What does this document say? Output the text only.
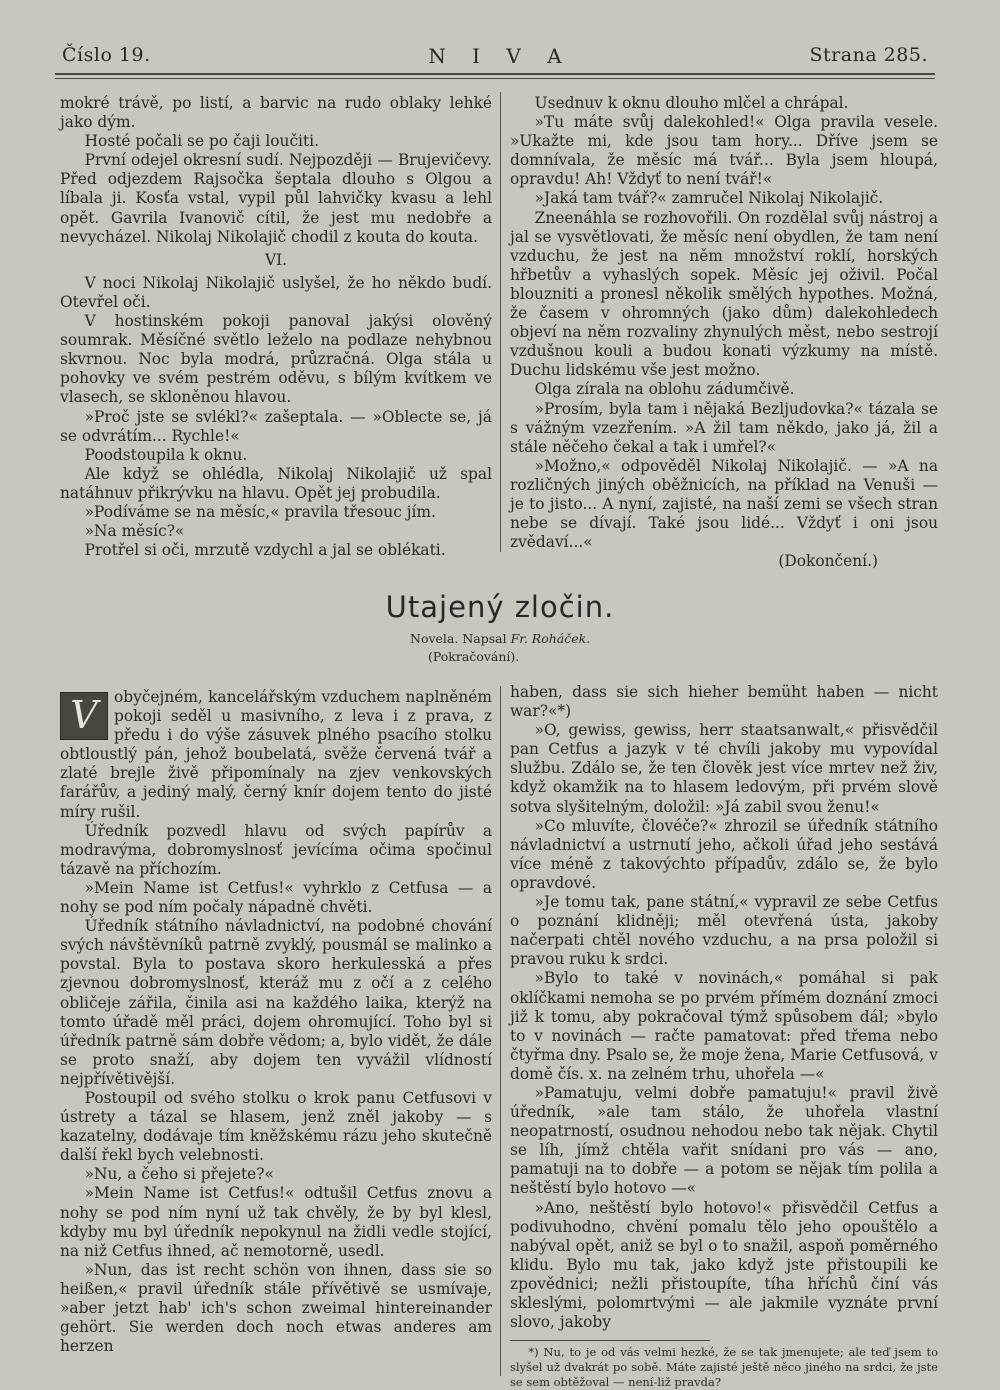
Číslo 19.	N I V A	Strana 285.

mokré trávě, po listí, a barvic na rudo oblaky lehké jako dým.

Hosté počali se po čaji loučiti.

První odejel okresní sudí. Nejpozději — Brujevičevy. Před odjezdem Rajsočka šeptala dlouho s Olgou a líbala ji. Kosťa vstal, vypil půl lahvičky kvasu a lehl opět. Gavrila Ivanovič cítil, že jest mu nedobře a nevycházel. Nikolaj Nikolajič chodil z kouta do kouta.

VI.

V noci Nikolaj Nikolajič uslyšel, že ho někdo budí. Otevřel oči.

V hostinském pokoji panoval jakýsi olověný soumrak. Měsíčné světlo leželo na podlaze nehybnou skvrnou. Noc byla modrá, průzračná. Olga stála u pohovky ve svém pestrém oděvu, s bílým kvítkem ve vlasech, se skloněnou hlavou.

»Proč jste se svlékl?« zašeptala. — »Oblecte se, já se odvrátím... Rychle!«

Poodstoupila k oknu.

Ale když se ohlédla, Nikolaj Nikolajič už spal natáhnuv přikrývku na hlavu. Opět jej probudila.

»Podíváme se na měsíc,« pravila třesouc jím.

»Na měsíc?«

Protřel si oči, mrzutě vzdychl a jal se oblékati.

Usednuv k oknu dlouho mlčel a chrápal.

»Tu máte svůj dalekohled!« Olga pravila vesele. »Ukažte mi, kde jsou tam hory... Dříve jsem se domnívala, že měsíc má tvář... Byla jsem hloupá, opravdu! Ah! Vždyť to není tvář!«

»Jaká tam tvář?« zamručel Nikolaj Nikolajič.

Zneenáhla se rozhovořili. On rozdělal svůj nástroj a jal se vysvětlovati, že měsíc není obydlen, že tam není vzduchu, že jest na něm množství roklí, horských hřbetův a vyhaslých sopek. Měsíc jej oživil. Počal blouzniti a pronesl několik smělých hypothes. Možná, že časem v ohromných (jako dům) dalekohledech objeví na něm rozvaliny zhynulých měst, nebo sestrojí vzdušnou kouli a budou konati výzkumy na místě. Duchu lidskému vše jest možno.

Olga zírala na oblohu zádumčivě.

»Prosím, byla tam i nějaká Bezljudovka?« tázala se s vážným vzezřením. »A žil tam někdo, jako já, žil a stále něčeho čekal a tak i umřel?«

»Možno,« odpověděl Nikolaj Nikolajič. — »A na rozličných jiných oběžnicích, na příklad na Venuši — je to jisto... A nyní, zajisté, na naší zemi se všech stran nebe se dívají. Také jsou lidé... Vždyť i oni jsou zvědaví...«

(Dokončení.)

Utajený zločin.
Novela. Napsal Fr. Roháček.
(Pokračování).

V	obyčejném, kancelářským vzduchem naplněném pokoji seděl u masivního, z leva i z prava, z předu i do výše zásuvek plného psacího stolku obtloustlý pán, jehož boubelatá, svěže červená tvář a zlaté brejle živě připomínaly na zjev venkovských farářův, a jediný malý, černý knír dojem tento do jisté míry rušil.

Úředník pozvedl hlavu od svých papírův a modravýma, dobromyslnosť jevícíma očima spočinul tázavě na příchozím.

»Mein Name ist Cetfus!« vyhrklo z Cetfusa — a nohy se pod ním počaly nápadně chvěti.

Úředník státního návladnictví, na podobné chování svých návštěvníků patrně zvyklý, pousmál se malinko a povstal. Byla to postava skoro herkulesská a přes zjevnou dobromyslnosť, kteráž mu z očí a z celého obličeje zářila, činila asi na každého laika, kterýž na tomto úřadě měl práci, dojem ohromující. Toho byl si úředník patrně sám dobře vědom; a, bylo vidět, že dále se proto snaží, aby dojem ten vyvážil vlídností nejpřívětivější.

Postoupil od svého stolku o krok panu Cetfusovi v ústrety a tázal se hlasem, jenž zněl jakoby — s kazatelny, dodávaje tím kněžskému rázu jeho skutečně další řekl bych velebnosti.

»Nu, a čeho si přejete?«

»Mein Name ist Cetfus!« odtušil Cetfus znovu a nohy se pod ním nyní už tak chvěly, že by byl klesl, kdyby mu byl úředník nepokynul na židli vedle stojící, na niž Cetfus ihned, ač nemotorně, usedl.

»Nun, das ist recht schön von ihnen, dass sie so heißen,« pravil úředník stále přívětivě se usmívaje, »aber jetzt hab' ich's schon zweimal hintereinander gehört. Sie werden doch noch etwas anderes am herzen

haben, dass sie sich hieher bemüht haben — nicht war?«*)

»O, gewiss, gewiss, herr staatsanwalt,« přisvědčil pan Cetfus a jazyk v té chvíli jakoby mu vypovídal službu. Zdálo se, že ten člověk jest více mrtev než živ, když okamžik na to hlasem ledovým, při prvém slově sotva slyšitelným, doložil: »Já zabil svou ženu!«

»Co mluvíte, človéče?« zhrozil se úředník státního návladnictví a ustrnutí jeho, ačkoli úřad jeho sestává více méně z takovýchto případův, zdálo se, že bylo opravdové.

»Je tomu tak, pane státní,« vypravil ze sebe Cetfus o poznání klidněji; měl otevřená ústa, jakoby načerpati chtěl nového vzduchu, a na prsa položil si pravou ruku k srdci.

»Bylo to také v novinách,« pomáhal si pak oklíčkami nemoha se po prvém přímém doznání zmoci již k tomu, aby pokračoval týmž spůsobem dál; »bylo to v novinách — račte pamatovat: před třema nebo čtyřma dny. Psalo se, že moje žena, Marie Cetfusová, v domě čís. x. na zelném trhu, uhořela —«

»Pamatuju, velmi dobře pamatuju!« pravil živě úředník, »ale tam stálo, že uhořela vlastní neopatrností, osudnou nehodou nebo tak nějak. Chytil se líh, jímž chtěla vařit snídani pro vás — ano, pamatuji na to dobře — a potom se nějak tím polila a neštěstí bylo hotovo —«

»Ano, neštěstí bylo hotovo!« přisvědčil Cetfus a podivuhodno, chvění pomalu tělo jeho opouštělo a nabýval opět, aniž se byl o to snažil, aspoň poměrného klidu. Bylo mu tak, jako když jste přistoupili ke zpovědnici; nežli přistoupíte, tíha hříchů činí vás skleslými, polomrtvými — ale jakmile vyznáte první slovo, jakoby

*) Nu, to je od vás velmi hezké, že se tak jmenujete; ale teď jsem to slyšel už dvakrát po sobě. Máte zajisté ještě něco jiného na srdci, že jste se sem obtěžoval — není-liž pravda?
